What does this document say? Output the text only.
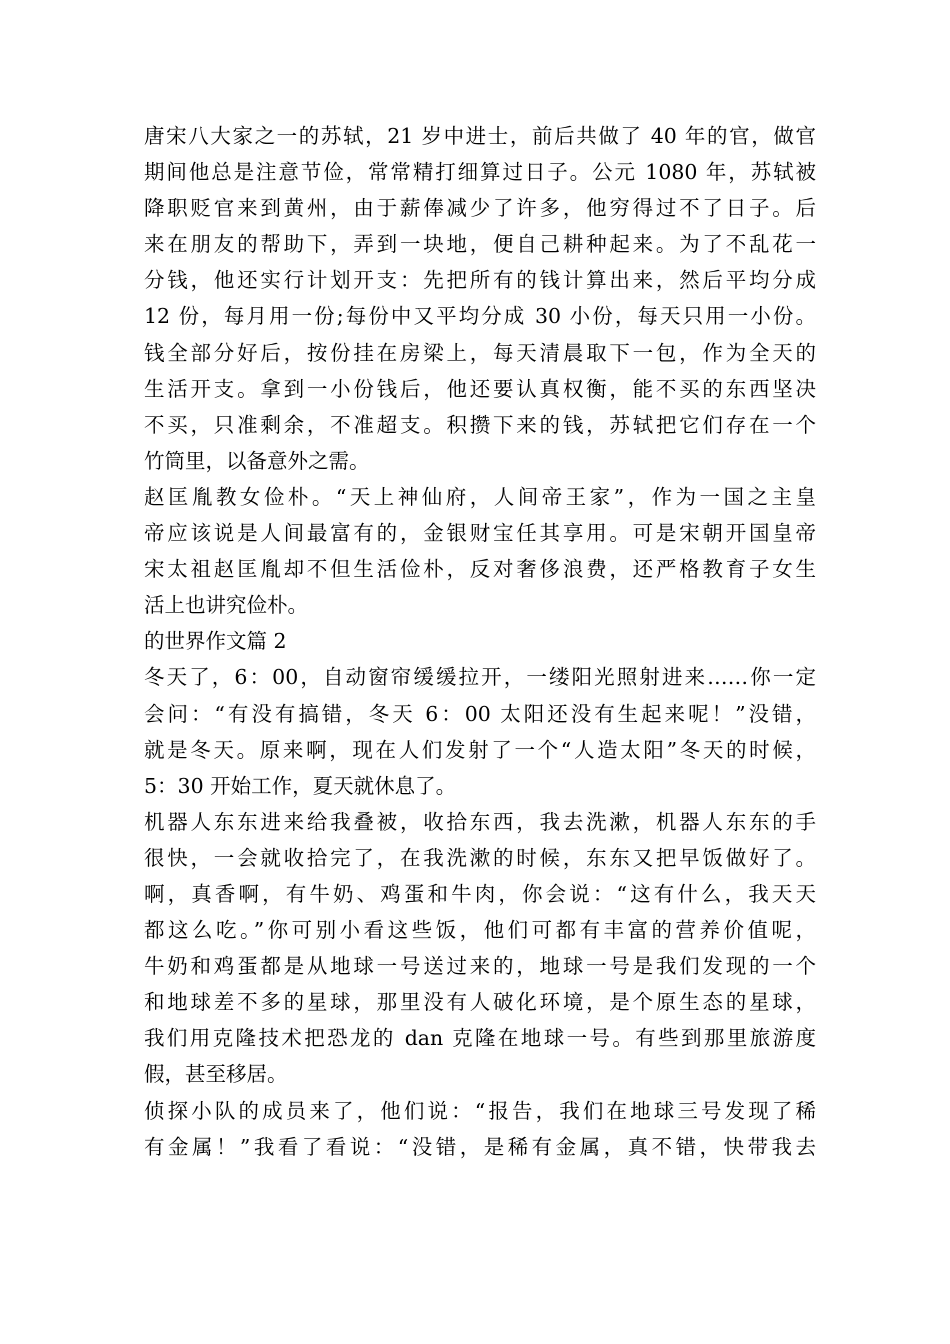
唐宋八大家之一的苏轼，21 岁中进士，前后共做了 40 年的官，做官
期间他总是注意节俭，常常精打细算过日子。公元 1080 年，苏轼被
降职贬官来到黄州，由于薪俸减少了许多，他穷得过不了日子。后
来在朋友的帮助下，弄到一块地，便自己耕种起来。为了不乱花一
分钱，他还实行计划开支：先把所有的钱计算出来，然后平均分成
12 份，每月用一份;每份中又平均分成 30 小份，每天只用一小份。
钱全部分好后，按份挂在房梁上，每天清晨取下一包，作为全天的
生活开支。拿到一小份钱后，他还要认真权衡，能不买的东西坚决
不买，只准剩余，不准超支。积攒下来的钱，苏轼把它们存在一个
竹筒里，以备意外之需。
赵匡胤教女俭朴。“天上神仙府，人间帝王家”，作为一国之主皇
帝应该说是人间最富有的，金银财宝任其享用。可是宋朝开国皇帝
宋太祖赵匡胤却不但生活俭朴，反对奢侈浪费，还严格教育子女生
活上也讲究俭朴。
的世界作文篇 2
冬天了，6：00，自动窗帘缓缓拉开，一缕阳光照射进来……你一定
会问：“有没有搞错，冬天 6：00 太阳还没有生起来呢！”没错，
就是冬天。原来啊，现在人们发射了一个“人造太阳”冬天的时候，
5：30 开始工作，夏天就休息了。
机器人东东进来给我叠被，收拾东西，我去洗漱，机器人东东的手
很快，一会就收拾完了，在我洗漱的时候，东东又把早饭做好了。
啊，真香啊，有牛奶、鸡蛋和牛肉，你会说：“这有什么，我天天
都这么吃。”你可别小看这些饭，他们可都有丰富的营养价值呢，
牛奶和鸡蛋都是从地球一号送过来的，地球一号是我们发现的一个
和地球差不多的星球，那里没有人破化环境，是个原生态的星球，
我们用克隆技术把恐龙的 dan 克隆在地球一号。有些到那里旅游度
假，甚至移居。
侦探小队的成员来了，他们说：“报告，我们在地球三号发现了稀
有金属！”我看了看说：“没错，是稀有金属，真不错，快带我去
